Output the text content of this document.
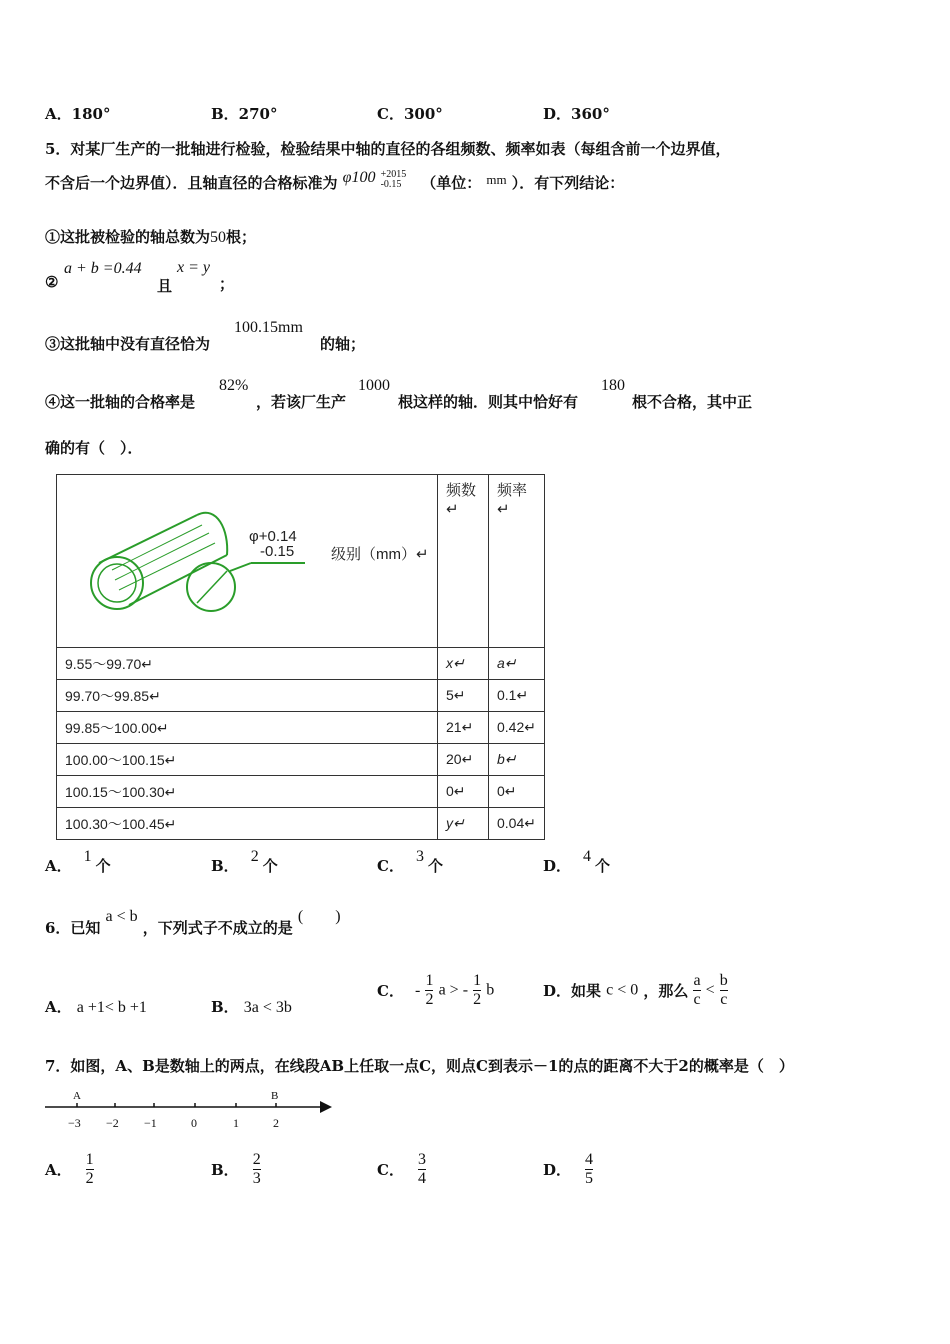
A．180°	B．270°	C．300°	D．360°
5．对某厂生产的一批轴进行检验，检验结果中轴的直径的各组频数、频率如表（每组含前一个边界值，
不含后一个边界值）．且轴直径的合格标准为 φ100 +2015
-0.15	（单位： $^{mm}$ ）．有下列结论：
①这批被检验的轴总数为50根；
②
a + b =0.44
且
x = y
；
③这批轴中没有直径恰为
100.15mm
的轴；
④这一批轴的合格率是
82%
，若该厂生产
1000
根这样的轴．则其中恰好有
180
根不合格，其中正
确的有（　）．
φ+0.14
-0.15 级别（mm）↵	频数↵	频率↵
9.55～99.70↵	x↵	a↵
99.70～99.85↵	5↵	0.1↵
99.85～100.00↵	21↵	0.42↵
100.00～100.15↵	20↵	b↵
100.15～100.30↵	0↵	0↵
100.30～100.45↵	y↵	0.04↵
A．1个	B．2个	C．3个	D．4个
6．已知 a < b ，下列式子不成立的是 (　　)
A． a +1< b +1	B． 3a < 3b
C． - $\frac{1}{2}$ a > - $\frac{1}{2}$ b	D．如果 c < 0 ，那么 $\frac{a}{c} < \frac{b}{c}$
7．如图，A、B是数轴上的两点，在线段AB上任取一点C，则点C到表示－1的点的距离不大于2的概率是（　）
A	B
−3 −2 −1	0	1	2
A． $\frac{1}{2}$	B． $\frac{2}{3}$	C． $\frac{3}{4}$	D． $\frac{4}{5}$
